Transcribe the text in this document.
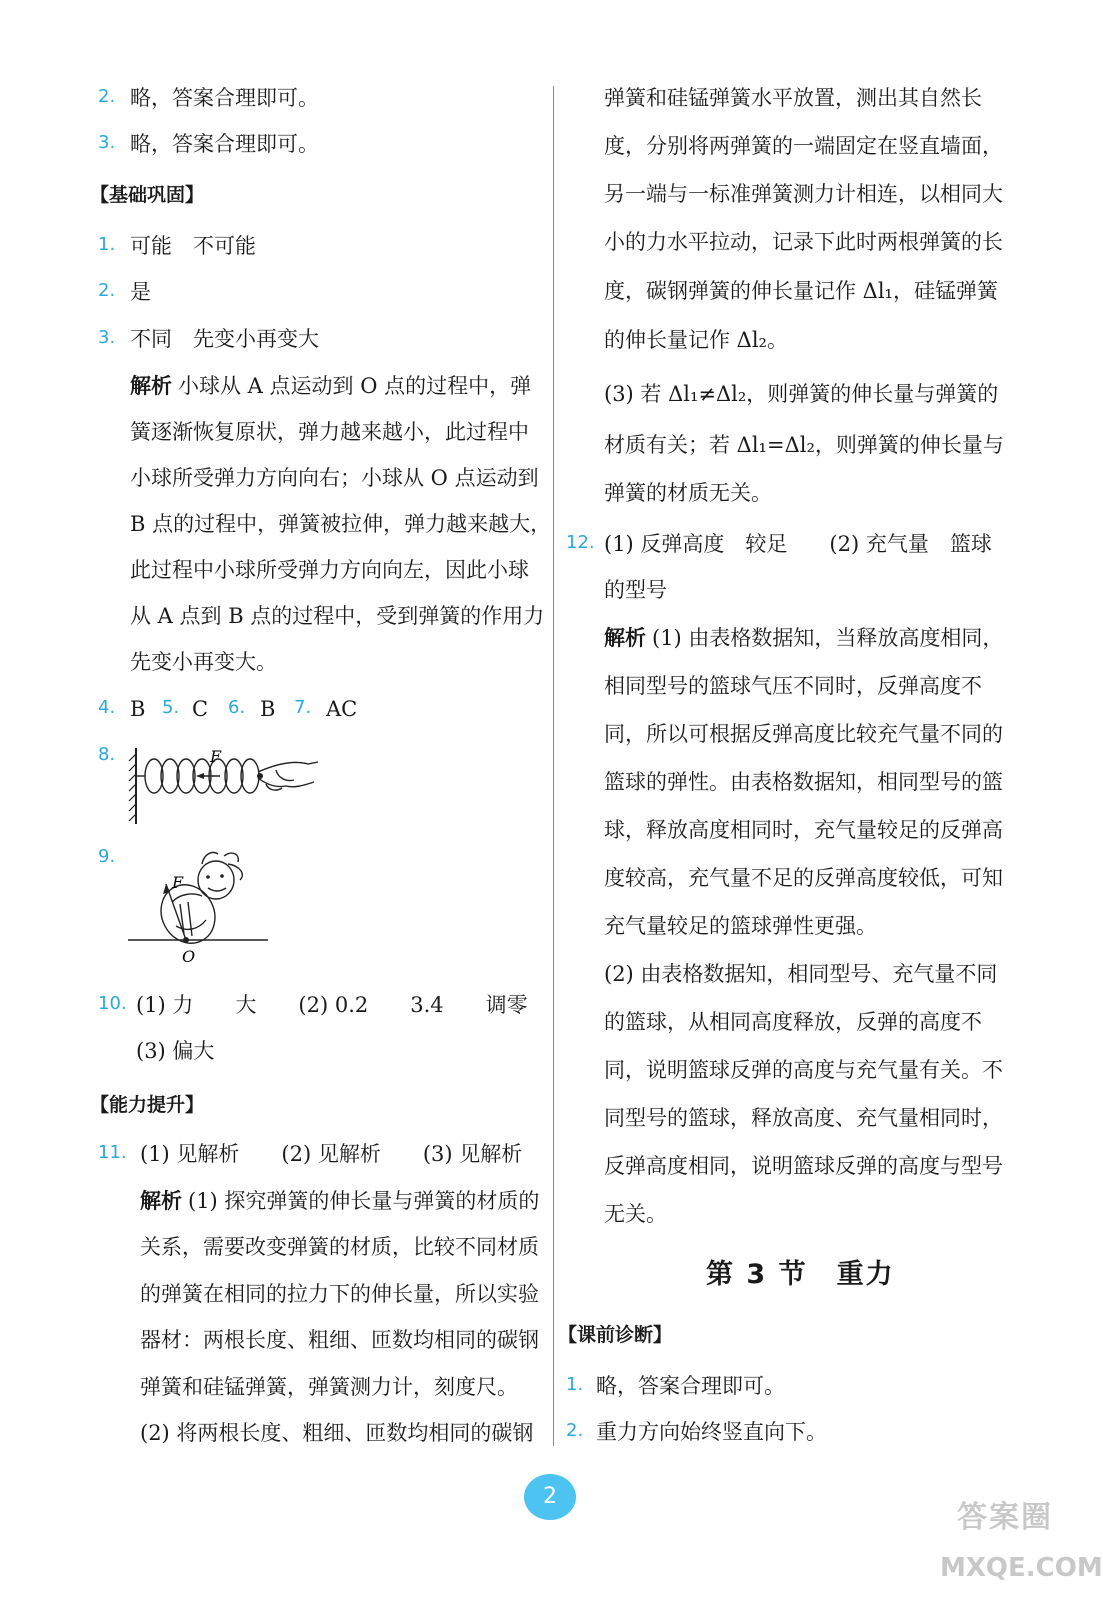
2. 略，答案合理即可。
3. 略，答案合理即可。
【基础巩固】
1. 可能　不可能
2. 是
3. 不同　先变小再变大
解析 小球从 A 点运动到 O 点的过程中，弹
簧逐渐恢复原状，弹力越来越小，此过程中
小球所受弹力方向向右；小球从 O 点运动到
B 点的过程中，弹簧被拉伸，弹力越来越大，
此过程中小球所受弹力方向向左，因此小球
从 A 点到 B 点的过程中，受到弹簧的作用力
先变小再变大。
4. B 5. C 6. B 7. AC
8.	F
9.
F
O
10. (1) 力　　大　　(2) 0.2　　3.4　　调零
(3) 偏大
【能力提升】
11. (1) 见解析　　(2) 见解析　　(3) 见解析
解析 (1) 探究弹簧的伸长量与弹簧的材质的
关系，需要改变弹簧的材质，比较不同材质
的弹簧在相同的拉力下的伸长量，所以实验
器材：两根长度、粗细、匝数均相同的碳钢
弹簧和硅锰弹簧，弹簧测力计，刻度尺。
(2) 将两根长度、粗细、匝数均相同的碳钢
弹簧和硅锰弹簧水平放置，测出其自然长
度，分别将两弹簧的一端固定在竖直墙面，
另一端与一标准弹簧测力计相连，以相同大
小的力水平拉动，记录下此时两根弹簧的长
度，碳钢弹簧的伸长量记作 Δl₁，硅锰弹簧
的伸长量记作 Δl₂。
(3) 若 Δl₁≠Δl₂，则弹簧的伸长量与弹簧的
材质有关；若 Δl₁=Δl₂，则弹簧的伸长量与
弹簧的材质无关。
12. (1) 反弹高度　较足　　(2) 充气量　篮球
的型号
解析 (1) 由表格数据知，当释放高度相同，
相同型号的篮球气压不同时，反弹高度不
同，所以可根据反弹高度比较充气量不同的
篮球的弹性。由表格数据知，相同型号的篮
球，释放高度相同时，充气量较足的反弹高
度较高，充气量不足的反弹高度较低，可知
充气量较足的篮球弹性更强。
(2) 由表格数据知，相同型号、充气量不同
的篮球，从相同高度释放，反弹的高度不
同，说明篮球反弹的高度与充气量有关。不
同型号的篮球，释放高度、充气量相同时，
反弹高度相同，说明篮球反弹的高度与型号
无关。
【课前诊断】
1. 略，答案合理即可。
2. 重力方向始终竖直向下。
第 3 节　重力
2
答案圈
MXQE.COM
